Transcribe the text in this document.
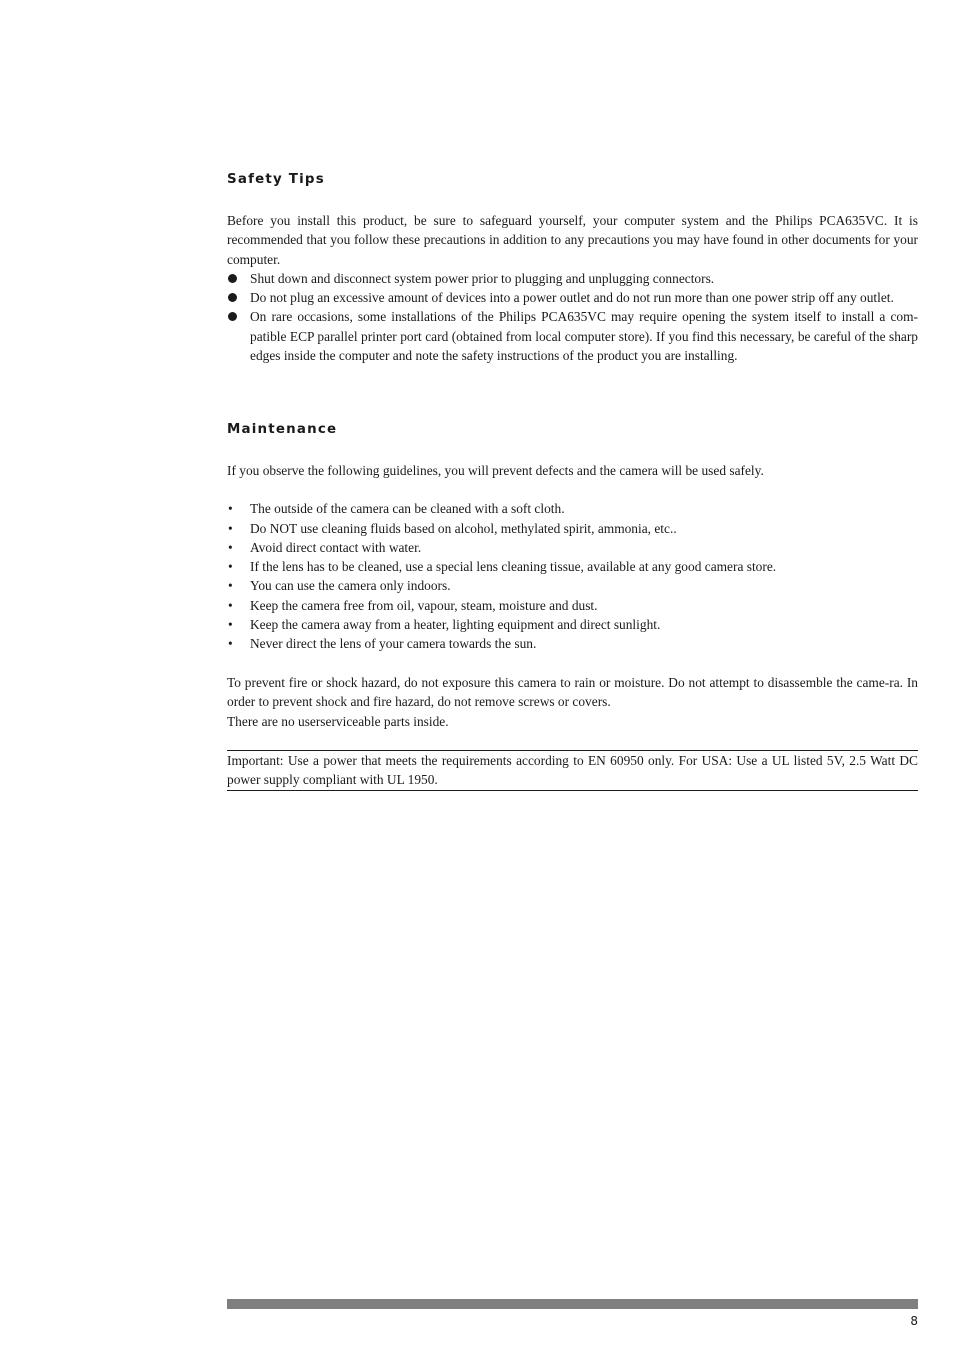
Safety Tips

Before you install this product, be sure to safeguard yourself, your computer system and the Philips PCA635VC. It is recommended that you follow these precautions in addition to any precautions you may have found in other documents for your computer.

Shut down and disconnect system power prior to plugging and unplugging connectors.
Do not plug an excessive amount of devices into a power outlet and do not run more than one power strip off any outlet.
On rare occasions, some installations of the Philips PCA635VC may require opening the system itself to install a com-patible ECP parallel printer port card (obtained from local computer store). If you find this necessary, be careful of the sharp edges inside the computer and note the safety instructions of the product you are installing.
Maintenance

If you observe the following guidelines, you will prevent defects and the camera will be used safely.

• The outside of the camera can be cleaned with a soft cloth.
• Do NOT use cleaning fluids based on alcohol, methylated spirit, ammonia, etc..
• Avoid direct contact with water.
• If the lens has to be cleaned, use a special lens cleaning tissue, available at any good camera store.
• You can use the camera only indoors.
• Keep the camera free from oil, vapour, steam, moisture and dust.
• Keep the camera away from a heater, lighting equipment and direct sunlight.
• Never direct the lens of your camera towards the sun.

To prevent fire or shock hazard, do not exposure this camera to rain or moisture. Do not attempt to disassemble the came-ra. In order to prevent shock and fire hazard, do not remove screws or covers.

There are no userserviceable parts inside.

Important: Use a power that meets the requirements according to EN 60950 only. For USA: Use a UL listed 5V, 2.5 Watt DC power supply compliant with UL 1950.
8
